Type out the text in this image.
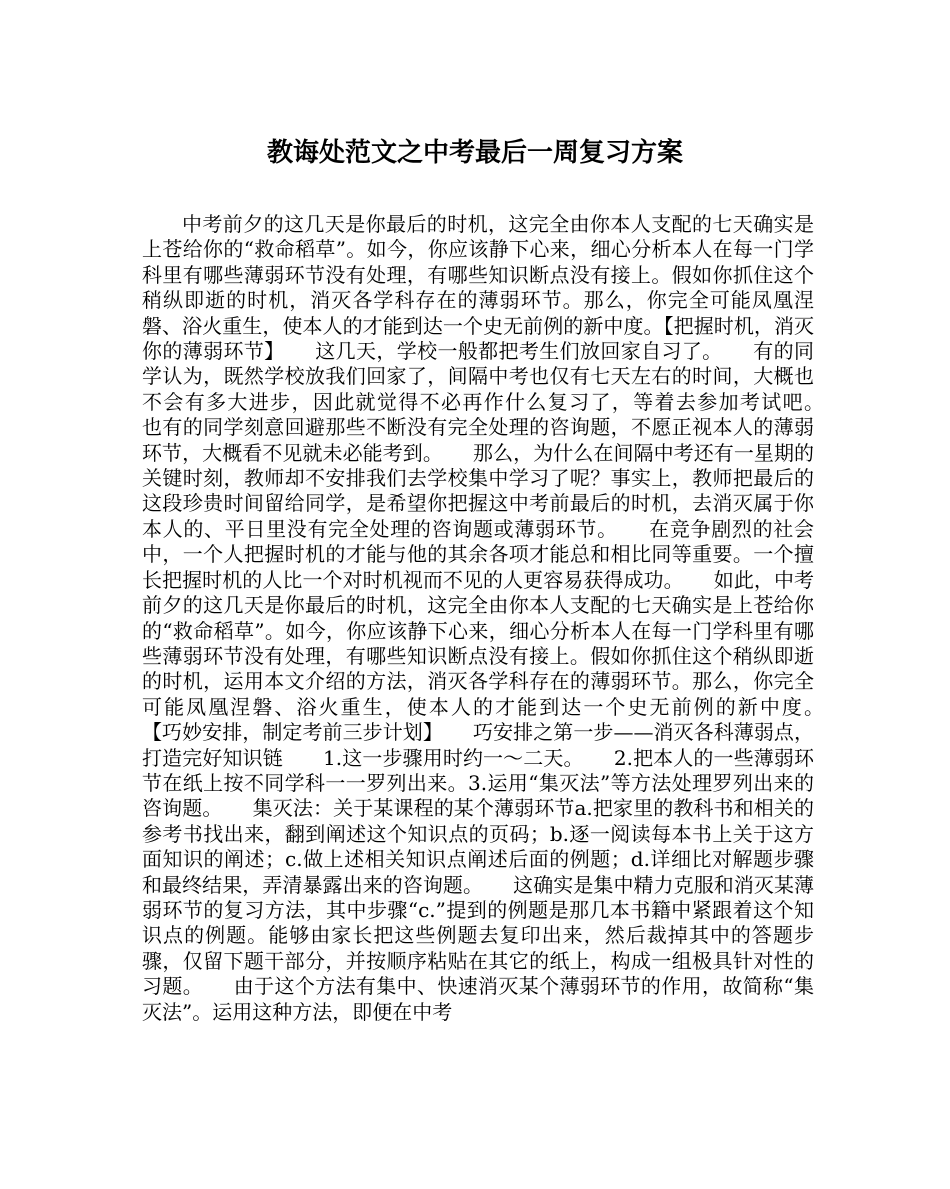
教诲处范文之中考最后一周复习方案

中考前夕的这几天是你最后的时机，这完全由你本人支配的七天确实是上苍给你的“救命稻草”。如今，你应该静下心来，细心分析本人在每一门学科里有哪些薄弱环节没有处理，有哪些知识断点没有接上。假如你抓住这个稍纵即逝的时机，消灭各学科存在的薄弱环节。那么，你完全可能凤凰涅磐、浴火重生，使本人的才能到达一个史无前例的新中度。【把握时机，消灭你的薄弱环节】　　这几天，学校一般都把考生们放回家自习了。　　有的同学认为，既然学校放我们回家了，间隔中考也仅有七天左右的时间，大概也不会有多大进步，因此就觉得不必再作什么复习了，等着去参加考试吧。　　也有的同学刻意回避那些不断没有完全处理的咨询题，不愿正视本人的薄弱环节，大概看不见就未必能考到。　　那么，为什么在间隔中考还有一星期的关键时刻，教师却不安排我们去学校集中学习了呢？事实上，教师把最后的这段珍贵时间留给同学，是希望你把握这中考前最后的时机，去消灭属于你本人的、平日里没有完全处理的咨询题或薄弱环节。　　在竞争剧烈的社会中，一个人把握时机的才能与他的其余各项才能总和相比同等重要。一个擅长把握时机的人比一个对时机视而不见的人更容易获得成功。　　如此，中考前夕的这几天是你最后的时机，这完全由你本人支配的七天确实是上苍给你的“救命稻草”。如今，你应该静下心来，细心分析本人在每一门学科里有哪些薄弱环节没有处理，有哪些知识断点没有接上。假如你抓住这个稍纵即逝的时机，运用本文介绍的方法，消灭各学科存在的薄弱环节。那么，你完全可能凤凰涅磐、浴火重生，使本人的才能到达一个史无前例的新中度。　　【巧妙安排，制定考前三步计划】　　巧安排之第一步——消灭各科薄弱点，打造完好知识链　　1.这一步骤用时约一～二天。　　2.把本人的一些薄弱环节在纸上按不同学科一一罗列出来。3.运用“集灭法”等方法处理罗列出来的咨询题。　　集灭法：关于某课程的某个薄弱环节a.把家里的教科书和相关的参考书找出来，翻到阐述这个知识点的页码；b.逐一阅读每本书上关于这方面知识的阐述；c.做上述相关知识点阐述后面的例题；d.详细比对解题步骤和最终结果，弄清暴露出来的咨询题。　　这确实是集中精力克服和消灭某薄弱环节的复习方法，其中步骤“c.”提到的例题是那几本书籍中紧跟着这个知识点的例题。能够由家长把这些例题去复印出来，然后裁掉其中的答题步骤，仅留下题干部分，并按顺序粘贴在其它的纸上，构成一组极具针对性的习题。　　由于这个方法有集中、快速消灭某个薄弱环节的作用，故简称“集灭法”。运用这种方法，即便在中考
